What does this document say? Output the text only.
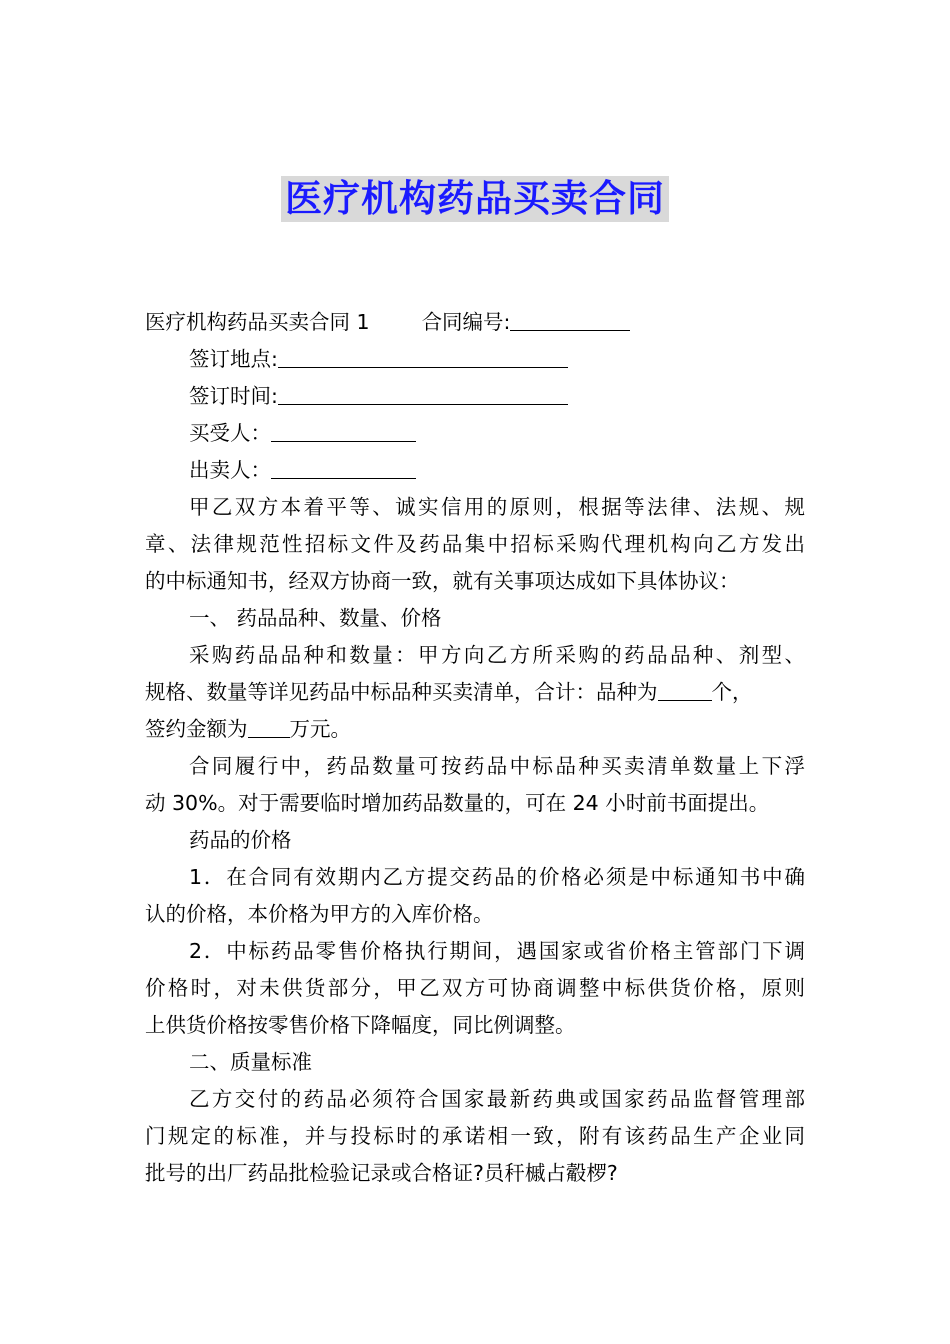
医疗机构药品买卖合同
医疗机构药品买卖合同 1	合同编号:
签订地点:
签订时间:
买受人：
出卖人：
甲乙双方本着平等、诚实信用的原则，根据等法律、法规、规
章、法律规范性招标文件及药品集中招标采购代理机构向乙方发出
的中标通知书，经双方协商一致，就有关事项达成如下具体协议：
一、 药品品种、数量、价格
采购药品品种和数量：甲方向乙方所采购的药品品种、剂型、
规格、数量等详见药品中标品种买卖清单，合计：品种为	个，
签约金额为 万元。
合同履行中，药品数量可按药品中标品种买卖清单数量上下浮
动 30%。对于需要临时增加药品数量的，可在 24 小时前书面提出。
药品的价格
1．在合同有效期内乙方提交药品的价格必须是中标通知书中确
认的价格，本价格为甲方的入库价格。
2．中标药品零售价格执行期间，遇国家或省价格主管部门下调
价格时，对未供货部分，甲乙双方可协商调整中标供货价格，原则
上供货价格按零售价格下降幅度，同比例调整。
二、质量标准
乙方交付的药品必须符合国家最新药典或国家药品监督管理部
门规定的标准，并与投标时的承诺相一致，附有该药品生产企业同
批号的出厂药品批检验记录或合格证?员秆槭占觳椤?
